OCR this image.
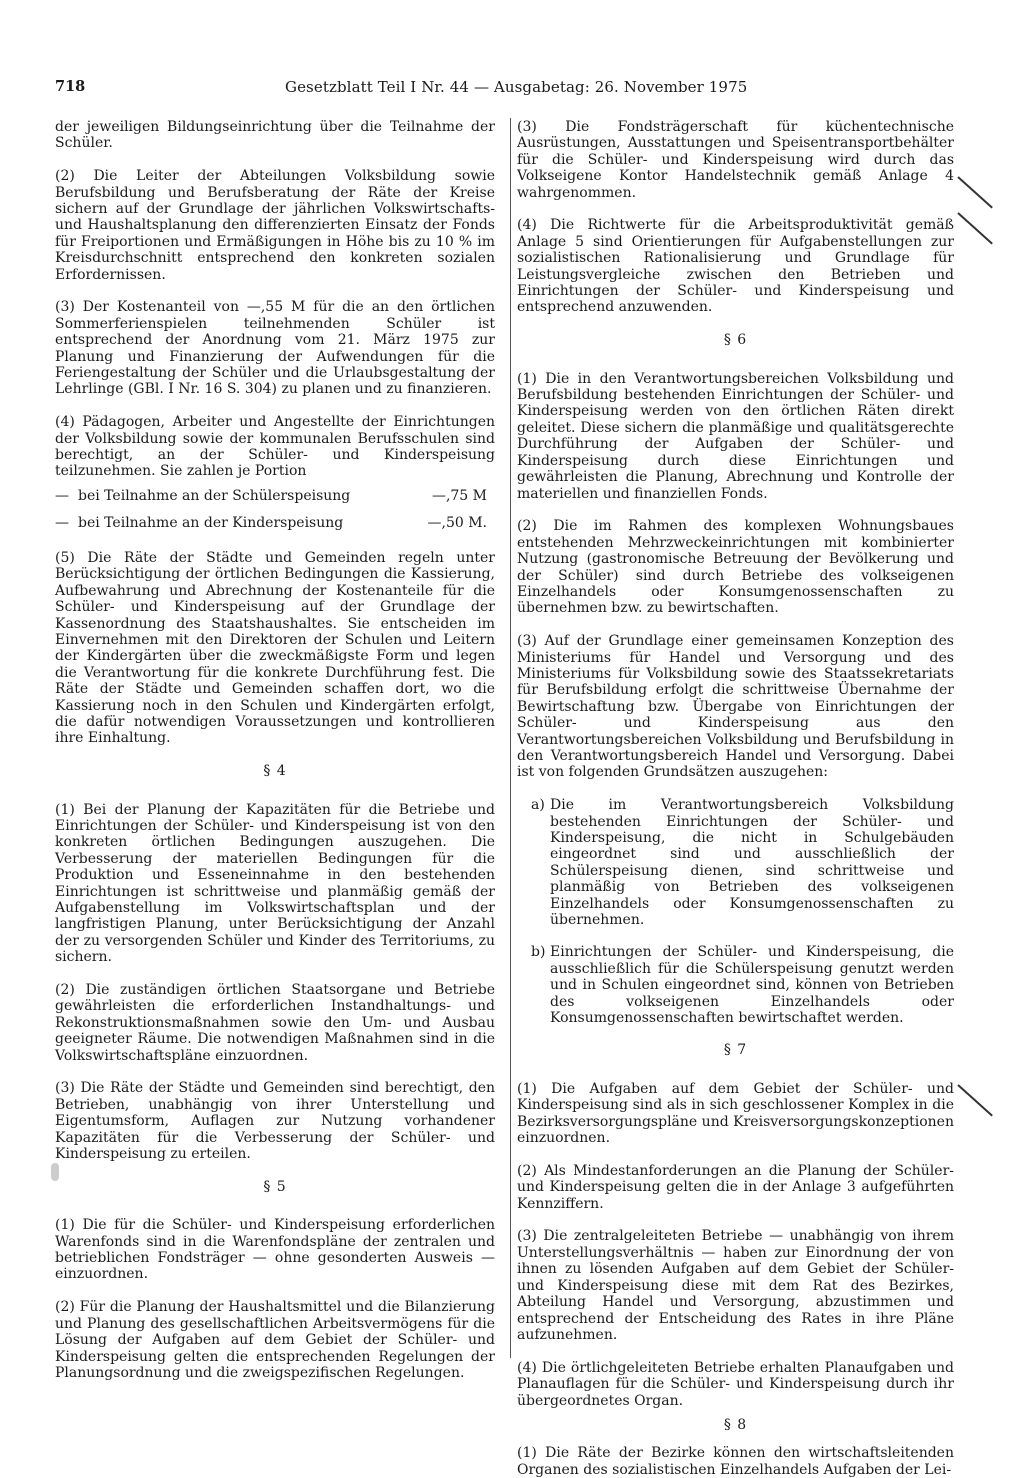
718	Gesetzblatt Teil I Nr. 44 — Ausgabetag: 26. November 1975

der jeweiligen Bildungseinrichtung über die Teilnahme der Schüler.

(2) Die Leiter der Abteilungen Volksbildung sowie Berufsbildung und Berufsberatung der Räte der Kreise sichern auf der Grundlage der jährlichen Volkswirtschafts- und Haushaltsplanung den differenzierten Einsatz der Fonds für Freiportionen und Ermäßigungen in Höhe bis zu 10 % im Kreisdurchschnitt entsprechend den konkreten sozialen Erfordernissen.

(3) Der Kostenanteil von —,55 M für die an den örtlichen Sommerferienspielen teilnehmenden Schüler ist entsprechend der Anordnung vom 21. März 1975 zur Planung und Finanzierung der Aufwendungen für die Feriengestaltung der Schüler und die Urlaubsgestaltung der Lehrlinge (GBl. I Nr. 16 S. 304) zu planen und zu finanzieren.

(4) Pädagogen, Arbeiter und Angestellte der Einrichtungen der Volksbildung sowie der kommunalen Berufsschulen sind berechtigt, an der Schüler- und Kinderspeisung teilzunehmen. Sie zahlen je Portion

— bei Teilnahme an der Schülerspeisung	—,75 M
— bei Teilnahme an der Kinderspeisung	—,50 M.

(5) Die Räte der Städte und Gemeinden regeln unter Berücksichtigung der örtlichen Bedingungen die Kassierung, Aufbewahrung und Abrechnung der Kostenanteile für die Schüler- und Kinderspeisung auf der Grundlage der Kassenordnung des Staatshaushaltes. Sie entscheiden im Einvernehmen mit den Direktoren der Schulen und Leitern der Kindergärten über die zweckmäßigste Form und legen die Verantwortung für die konkrete Durchführung fest. Die Räte der Städte und Gemeinden schaffen dort, wo die Kassierung noch in den Schulen und Kindergärten erfolgt, die dafür notwendigen Voraussetzungen und kontrollieren ihre Einhaltung.

§ 4

(1) Bei der Planung der Kapazitäten für die Betriebe und Einrichtungen der Schüler- und Kinderspeisung ist von den konkreten örtlichen Bedingungen auszugehen. Die Verbesserung der materiellen Bedingungen für die Produktion und Esseneinnahme in den bestehenden Einrichtungen ist schrittweise und planmäßig gemäß der Aufgabenstellung im Volkswirtschaftsplan und der langfristigen Planung, unter Berücksichtigung der Anzahl der zu versorgenden Schüler und Kinder des Territoriums, zu sichern.

(2) Die zuständigen örtlichen Staatsorgane und Betriebe gewährleisten die erforderlichen Instandhaltungs- und Rekonstruktionsmaßnahmen sowie den Um- und Ausbau geeigneter Räume. Die notwendigen Maßnahmen sind in die Volkswirtschaftspläne einzuordnen.

(3) Die Räte der Städte und Gemeinden sind berechtigt, den Betrieben, unabhängig von ihrer Unterstellung und Eigentumsform, Auflagen zur Nutzung vorhandener Kapazitäten für die Verbesserung der Schüler- und Kinderspeisung zu erteilen.

§ 5

(1) Die für die Schüler- und Kinderspeisung erforderlichen Warenfonds sind in die Warenfondspläne der zentralen und betrieblichen Fondsträger — ohne gesonderten Ausweis — einzuordnen.

(2) Für die Planung der Haushaltsmittel und die Bilanzierung und Planung des gesellschaftlichen Arbeitsvermögens für die Lösung der Aufgaben auf dem Gebiet der Schüler- und Kinderspeisung gelten die entsprechenden Regelungen der Planungsordnung und die zweigspezifischen Regelungen.

(3) Die Fondsträgerschaft für küchentechnische Ausrüstungen, Ausstattungen und Speisentransportbehälter für die Schüler- und Kinderspeisung wird durch das Volkseigene Kontor Handelstechnik gemäß Anlage 4 wahrgenommen.

(4) Die Richtwerte für die Arbeitsproduktivität gemäß Anlage 5 sind Orientierungen für Aufgabenstellungen zur sozialistischen Rationalisierung und Grundlage für Leistungsvergleiche zwischen den Betrieben und Einrichtungen der Schüler- und Kinderspeisung und entsprechend anzuwenden.

§ 6

(1) Die in den Verantwortungsbereichen Volksbildung und Berufsbildung bestehenden Einrichtungen der Schüler- und Kinderspeisung werden von den örtlichen Räten direkt geleitet. Diese sichern die planmäßige und qualitätsgerechte Durchführung der Aufgaben der Schüler- und Kinderspeisung durch diese Einrichtungen und gewährleisten die Planung, Abrechnung und Kontrolle der materiellen und finanziellen Fonds.

(2) Die im Rahmen des komplexen Wohnungsbaues entstehenden Mehrzweckeinrichtungen mit kombinierter Nutzung (gastronomische Betreuung der Bevölkerung und der Schüler) sind durch Betriebe des volkseigenen Einzelhandels oder Konsumgenossenschaften zu übernehmen bzw. zu bewirtschaften.

(3) Auf der Grundlage einer gemeinsamen Konzeption des Ministeriums für Handel und Versorgung und des Ministeriums für Volksbildung sowie des Staatssekretariats für Berufsbildung erfolgt die schrittweise Übernahme der Bewirtschaftung bzw. Übergabe von Einrichtungen der Schüler- und Kinderspeisung aus den Verantwortungsbereichen Volksbildung und Berufsbildung in den Verantwortungsbereich Handel und Versorgung. Dabei ist von folgenden Grundsätzen auszugehen:

a) Die im Verantwortungsbereich Volksbildung bestehenden Einrichtungen der Schüler- und Kinderspeisung, die nicht in Schulgebäuden eingeordnet sind und ausschließlich der Schülerspeisung dienen, sind schrittweise und planmäßig von Betrieben des volkseigenen Einzelhandels oder Konsumgenossenschaften zu übernehmen.
b) Einrichtungen der Schüler- und Kinderspeisung, die ausschließlich für die Schülerspeisung genutzt werden und in Schulen eingeordnet sind, können von Betrieben des volkseigenen Einzelhandels oder Konsumgenossenschaften bewirtschaftet werden.
§ 7

(1) Die Aufgaben auf dem Gebiet der Schüler- und Kinderspeisung sind als in sich geschlossener Komplex in die Bezirksversorgungspläne und Kreisversorgungskonzeptionen einzuordnen.

(2) Als Mindestanforderungen an die Planung der Schüler- und Kinderspeisung gelten die in der Anlage 3 aufgeführten Kennziffern.

(3) Die zentralgeleiteten Betriebe — unabhängig von ihrem Unterstellungsverhältnis — haben zur Einordnung der von ihnen zu lösenden Aufgaben auf dem Gebiet der Schüler- und Kinderspeisung diese mit dem Rat des Bezirkes, Abteilung Handel und Versorgung, abzustimmen und entsprechend der Entscheidung des Rates in ihre Pläne aufzunehmen.

(4) Die örtlichgeleiteten Betriebe erhalten Planaufgaben und Planauflagen für die Schüler- und Kinderspeisung durch ihr übergeordnetes Organ.

§ 8

(1) Die Räte der Bezirke können den wirtschaftsleitenden Organen des sozialistischen Einzelhandels Aufgaben der Lei-
